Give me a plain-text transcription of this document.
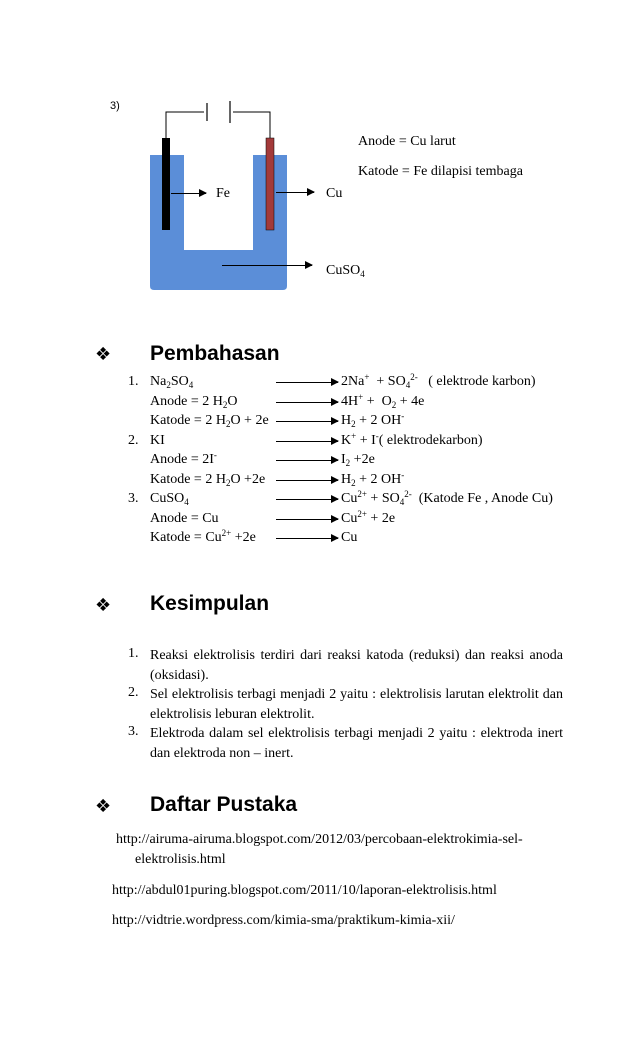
3)
Fe	Cu
CuSO$_4$
Anode = Cu larut
Katode = Fe dilapisi tembaga
❖ Pembahasan
1. $Na_2SO_4$	→ $2Na^+ + SO_4^{2-}$   ( elektrode karbon)
Anode = 2 $H_2O \to 4H^+ + O_2 + 4e$
Katode = 2 $H_2O + 2e \to H_2 + 2$ OH-
2. KI	→ K+ + I-( elektrodekarbon)
Anode = $2I^- \to I_2 +2e$
Katode = 2 $H_2O +2e \to H_2 + 2$ OH-
3. CuSO$_4$	→ $Cu^{2+} + SO_4^{2-}$  (Katode Fe , Anode Cu)
Anode = Cu	→ $Cu^{2+} + 2e$
Katode = $Cu^{2+} +2e \to Cu$
❖ Kesimpulan
1. Reaksi elektrolisis terdiri dari reaksi katoda (reduksi) dan reaksi anoda (oksidasi).
2. Sel elektrolisis terbagi menjadi 2 yaitu : elektrolisis larutan elektrolit dan elektrolisis leburan elektrolit.
3. Elektroda dalam sel elektrolisis terbagi menjadi 2 yaitu : elektroda inert dan elektroda non – inert.
❖ Daftar Pustaka
http://airuma-airuma.blogspot.com/2012/03/percobaan-elektrokimia-sel-
elektrolisis.html
http://abdul01puring.blogspot.com/2011/10/laporan-elektrolisis.html
http://vidtrie.wordpress.com/kimia-sma/praktikum-kimia-xii/
